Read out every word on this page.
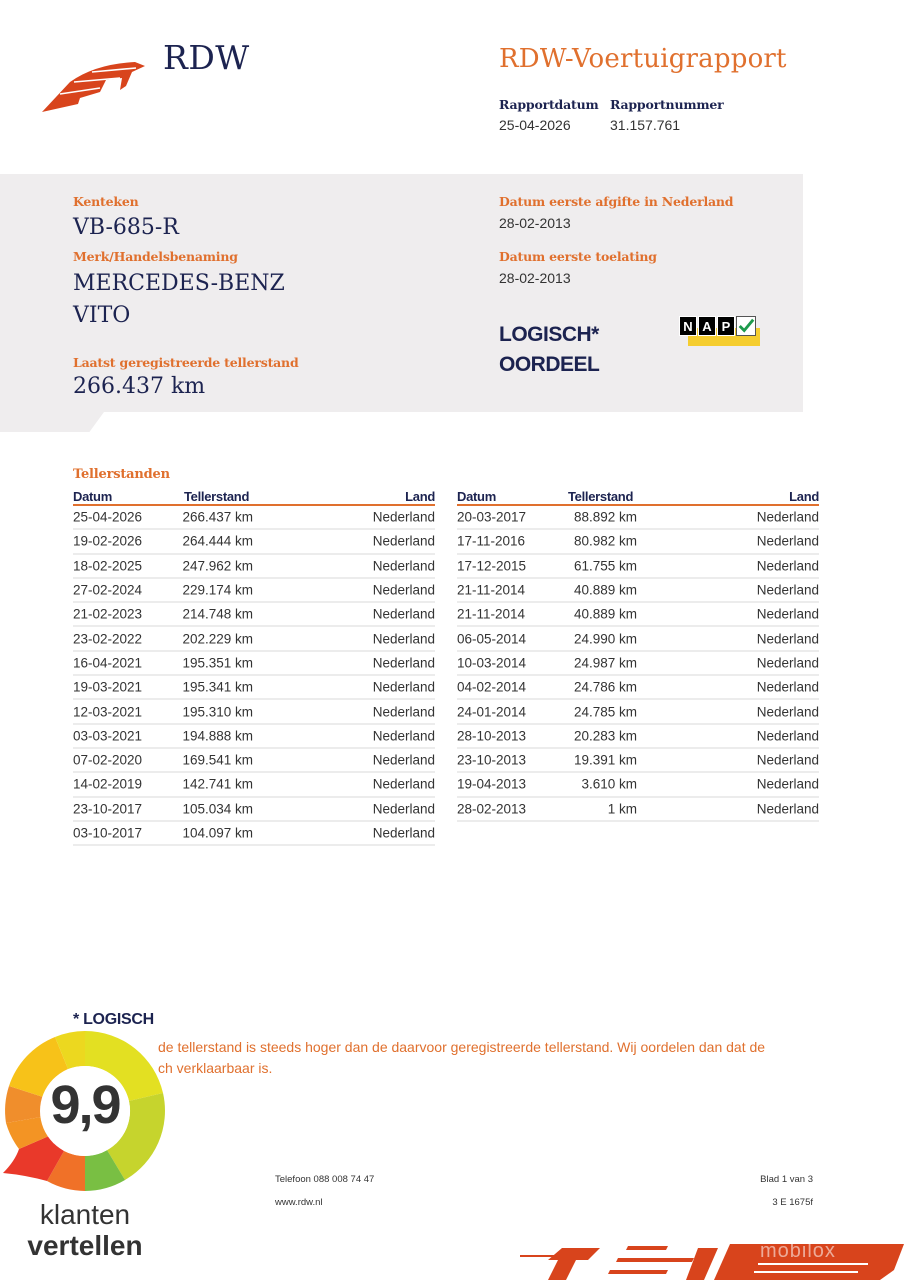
RDW	RDW-Voertuigrapport
Rapportdatum
25-04-2026
Rapportnummer
31.157.761
Kenteken
VB-685-R
Merk/Handelsbenaming
MERCEDES-BENZ
VITO
Laatst geregistreerde tellerstand
266.437 km
Datum eerste afgifte in Nederland
28-02-2013
Datum eerste toelating
28-02-2013
LOGISCH*
OORDEEL
N A P
Tellerstanden
Datum	Tellerstand	Land
25-04-2026	266.437 km	Nederland
19-02-2026	264.444 km	Nederland
18-02-2025	247.962 km	Nederland
27-02-2024	229.174 km	Nederland
21-02-2023	214.748 km	Nederland
23-02-2022	202.229 km	Nederland
16-04-2021	195.351 km	Nederland
19-03-2021	195.341 km	Nederland
12-03-2021	195.310 km	Nederland
03-03-2021	194.888 km	Nederland
07-02-2020	169.541 km	Nederland
14-02-2019	142.741 km	Nederland
23-10-2017	105.034 km	Nederland
03-10-2017	104.097 km	Nederland
Datum	Tellerstand	Land
20-03-2017	88.892 km	Nederland
17-11-2016	80.982 km	Nederland
17-12-2015	61.755 km	Nederland
21-11-2014	40.889 km	Nederland
21-11-2014	40.889 km	Nederland
06-05-2014	24.990 km	Nederland
10-03-2014	24.987 km	Nederland
04-02-2014	24.786 km	Nederland
24-01-2014	24.785 km	Nederland
28-10-2013	20.283 km	Nederland
23-10-2013	19.391 km	Nederland
19-04-2013	3.610 km	Nederland
28-02-2013	1 km	Nederland
* LOGISCH
de tellerstand is steeds hoger dan de daarvoor geregistreerde tellerstand. Wij oordelen dan dat de
ch verklaarbaar is.
Telefoon 088 008 74 47
www.rdw.nl
Blad 1 van 3
3 E 1675f
9,9
klanten
vertellen	mobilox
